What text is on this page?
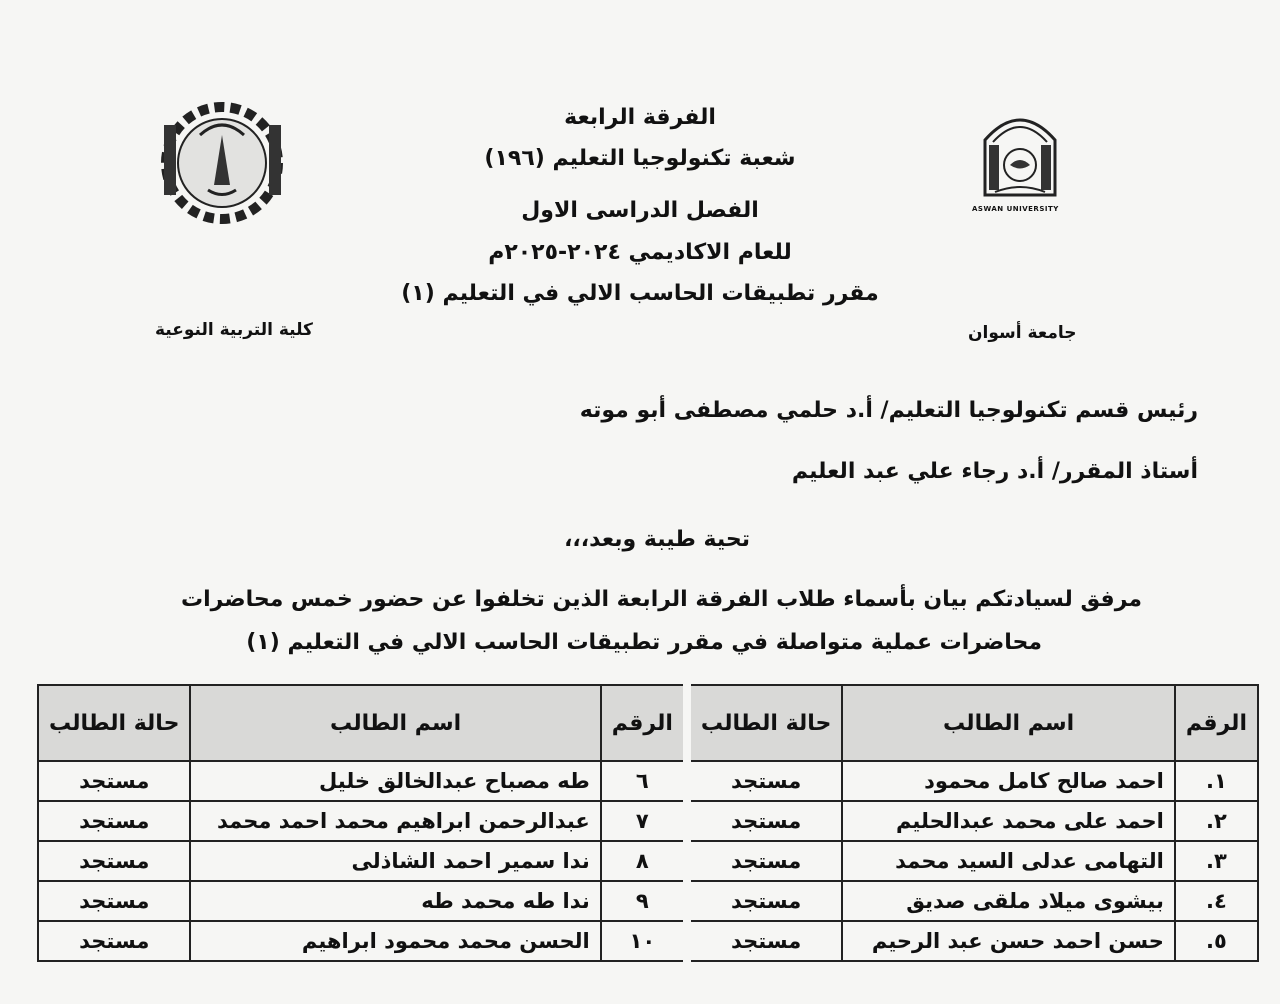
الفرقة الرابعة
شعبة تكنولوجيا التعليم (١٩٦)
الفصل الدراسى الاول
للعام الاكاديمي ٢٠٢٤-٢٠٢٥م
مقرر تطبيقات الحاسب الالي في التعليم (١)
ASWAN UNIVERSITY
جامعة أسوان
كلية التربية النوعية
رئيس قسم تكنولوجيا التعليم/ أ.د حلمي مصطفى أبو موته
أستاذ المقرر/ أ.د رجاء علي عبد العليم
تحية طيبة وبعد،،،
مرفق لسيادتكم بيان بأسماء طلاب الفرقة الرابعة الذين تخلفوا عن حضور خمس محاضرات
محاضرات عملية متواصلة في مقرر تطبيقات الحاسب الالي في التعليم (١)
الرقم	اسم الطالب	حالة الطالب	الرقم	اسم الطالب	حالة الطالب
١.	احمد صالح كامل محمود	مستجد	٦	طه مصباح عبدالخالق خليل	مستجد
٢.	احمد على محمد عبدالحليم	مستجد	٧	عبدالرحمن ابراهيم محمد احمد محمد	مستجد
٣.	التهامى عدلى السيد محمد	مستجد	٨	ندا سمير احمد الشاذلى	مستجد
٤.	بيشوى ميلاد ملقى صديق	مستجد	٩	ندا طه محمد طه	مستجد
٥.	حسن احمد حسن عبد الرحيم	مستجد	١٠	الحسن محمد محمود ابراهيم	مستجد
